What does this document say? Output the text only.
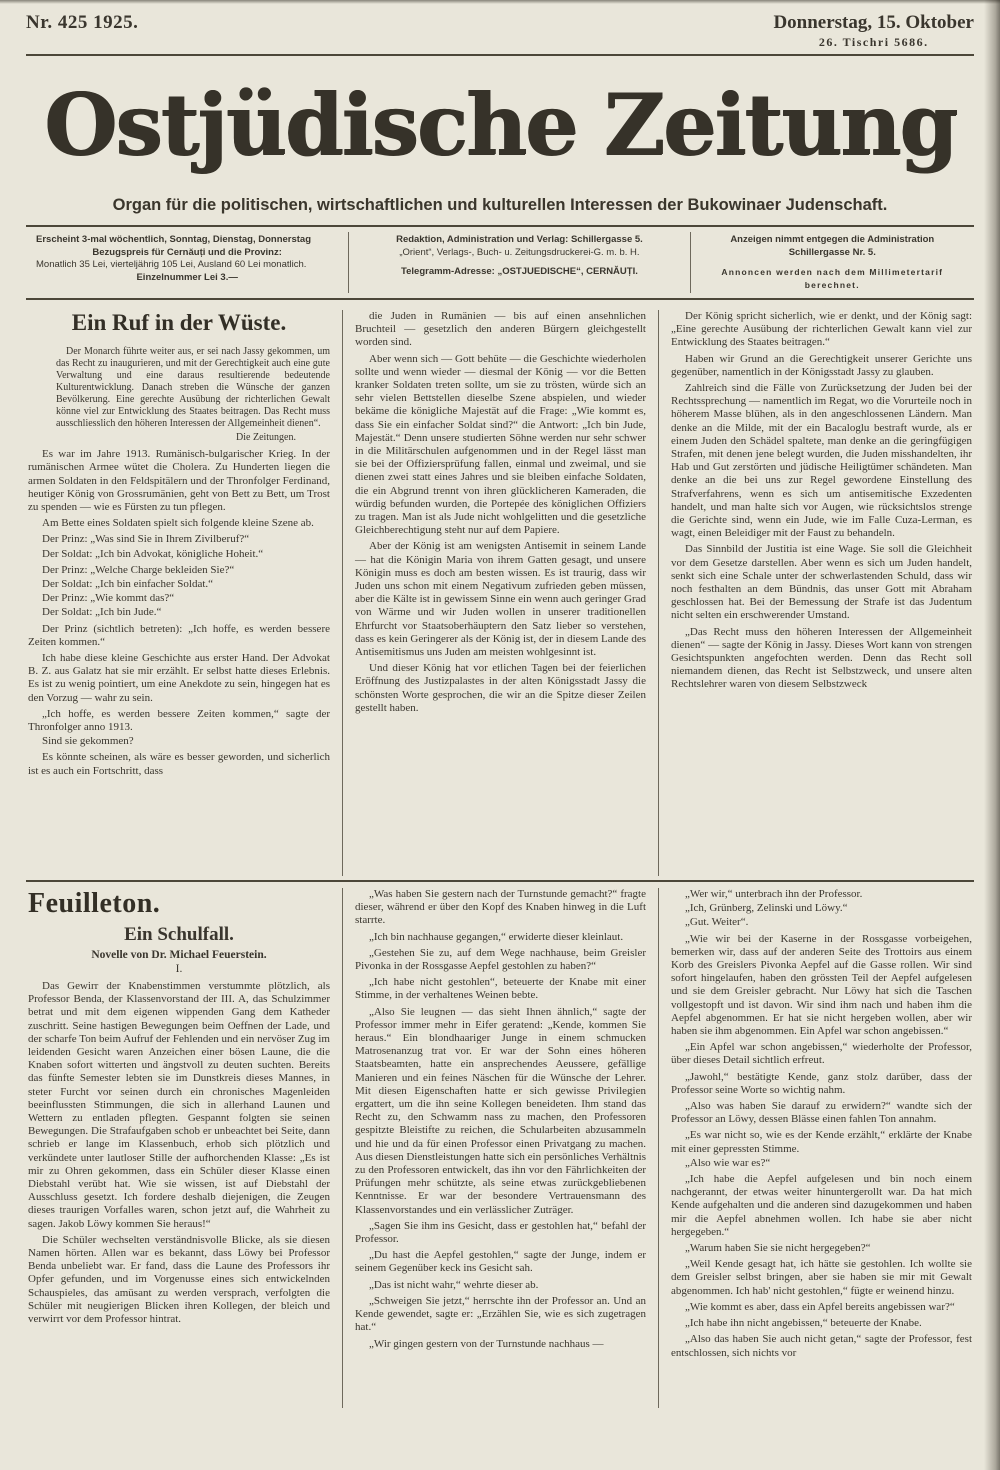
Nr. 425 1925.	Donnerstag, 15. Oktober
26. Tischri 5686.
Ostjüdische Zeitung
Organ für die politischen, wirtschaftlichen und kulturellen Interessen der Bukowinaer Judenschaft.

Erscheint 3-mal wöchentlich, Sonntag, Dienstag, Donnerstag

Bezugspreis für Cernăuți und die Provinz:

Monatlich 35 Lei, vierteljährig 105 Lei, Ausland 60 Lei monatlich.

Einzelnummer Lei 3.—

Redaktion, Administration und Verlag: Schillergasse 5.

„Orient“, Verlags-, Buch- u. Zeitungsdruckerei-G. m. b. H.

Telegramm-Adresse: „OSTJUEDISCHE“, CERNĂUȚI.

Anzeigen nimmt entgegen die Administration

Schillergasse Nr. 5.

Annoncen werden nach dem Millimetertarif berechnet.

Ein Ruf in der Wüste.

Der Monarch führte weiter aus, er sei nach Jassy gekommen, um das Recht zu inaugurieren, und mit der Gerechtigkeit auch eine gute Verwaltung und eine daraus resultierende bedeutende Kulturentwicklung. Danach streben die Wünsche der ganzen Bevölkerung. Eine gerechte Ausübung der richterlichen Gewalt könne viel zur Entwicklung des Staates beitragen. Das Recht muss ausschliesslich den höheren Interessen der Allgemeinheit dienen“.

Die Zeitungen.

Es war im Jahre 1913. Rumänisch-bulgarischer Krieg. In der rumänischen Armee wütet die Cholera. Zu Hunderten liegen die armen Soldaten in den Feldspitälern und der Thronfolger Ferdinand, heutiger König von Grossrumänien, geht von Bett zu Bett, um Trost zu spenden — wie es Fürsten zu tun pflegen.

Am Bette eines Soldaten spielt sich folgende kleine Szene ab.

Der Prinz: „Was sind Sie in Ihrem Zivilberuf?“

Der Soldat: „Ich bin Advokat, königliche Hoheit.“

Der Prinz: „Welche Charge bekleiden Sie?“

Der Soldat: „Ich bin einfacher Soldat.“

Der Prinz: „Wie kommt das?“

Der Soldat: „Ich bin Jude.“

Der Prinz (sichtlich betreten): „Ich hoffe, es werden bessere Zeiten kommen.“

Ich habe diese kleine Geschichte aus erster Hand. Der Advokat B. Z. aus Galatz hat sie mir erzählt. Er selbst hatte dieses Erlebnis. Es ist zu wenig pointiert, um eine Anekdote zu sein, hingegen hat es den Vorzug — wahr zu sein.

„Ich hoffe, es werden bessere Zeiten kommen,“ sagte der Thronfolger anno 1913.

Sind sie gekommen?

Es könnte scheinen, als wäre es besser geworden, und sicherlich ist es auch ein Fortschritt, dass

die Juden in Rumänien — bis auf einen ansehnlichen Bruchteil — gesetzlich den anderen Bürgern gleichgestellt worden sind.

Aber wenn sich — Gott behüte — die Geschichte wiederholen sollte und wenn wieder — diesmal der König — vor die Betten kranker Soldaten treten sollte, um sie zu trösten, würde sich an sehr vielen Bettstellen dieselbe Szene abspielen, und wieder bekäme die königliche Majestät auf die Frage: „Wie kommt es, dass Sie ein einfacher Soldat sind?“ die Antwort: „Ich bin Jude, Majestät.“ Denn unsere studierten Söhne werden nur sehr schwer in die Militärschulen aufgenommen und in der Regel lässt man sie bei der Offiziersprüfung fallen, einmal und zweimal, und sie dienen zwei statt eines Jahres und sie bleiben einfache Soldaten, die ein Abgrund trennt von ihren glücklicheren Kameraden, die würdig befunden wurden, die Portepée des königlichen Offiziers zu tragen. Man ist als Jude nicht wohlgelitten und die gesetzliche Gleichberechtigung steht nur auf dem Papiere.

Aber der König ist am wenigsten Antisemit in seinem Lande — hat die Königin Maria von ihrem Gatten gesagt, und unsere Königin muss es doch am besten wissen. Es ist traurig, dass wir Juden uns schon mit einem Negativum zufrieden geben müssen, aber die Kälte ist in gewissem Sinne ein wenn auch geringer Grad von Wärme und wir Juden wollen in unserer traditionellen Ehrfurcht vor Staatsoberhäuptern den Satz lieber so verstehen, dass es kein Geringerer als der König ist, der in diesem Lande des Antisemitismus uns Juden am meisten wohlgesinnt ist.

Und dieser König hat vor etlichen Tagen bei der feierlichen Eröffnung des Justizpalastes in der alten Königsstadt Jassy die schönsten Worte gesprochen, die wir an die Spitze dieser Zeilen gestellt haben.

Der König spricht sicherlich, wie er denkt, und der König sagt: „Eine gerechte Ausübung der richterlichen Gewalt kann viel zur Entwicklung des Staates beitragen.“

Haben wir Grund an die Gerechtigkeit unserer Gerichte uns gegenüber, namentlich in der Königsstadt Jassy zu glauben.

Zahlreich sind die Fälle von Zurücksetzung der Juden bei der Rechtssprechung — namentlich im Regat, wo die Vorurteile noch in höherem Masse blühen, als in den angeschlossenen Ländern. Man denke an die Milde, mit der ein Bacaloglu bestraft wurde, als er einem Juden den Schädel spaltete, man denke an die geringfügigen Strafen, mit denen jene belegt wurden, die Juden misshandelten, ihr Hab und Gut zerstörten und jüdische Heiligtümer schändeten. Man denke an die bei uns zur Regel gewordene Einstellung des Strafverfahrens, wenn es sich um antisemitische Exzedenten handelt, und man halte sich vor Augen, wie rücksichtslos strenge die Gerichte sind, wenn ein Jude, wie im Falle Cuza-Lerman, es wagt, einen Beleidiger mit der Faust zu behandeln.

Das Sinnbild der Justitia ist eine Wage. Sie soll die Gleichheit vor dem Gesetze darstellen. Aber wenn es sich um Juden handelt, senkt sich eine Schale unter der schwerlastenden Schuld, dass wir noch festhalten an dem Bündnis, das unser Gott mit Abraham geschlossen hat. Bei der Bemessung der Strafe ist das Judentum nicht selten ein erschwerender Umstand.

„Das Recht muss den höheren Interessen der Allgemeinheit dienen“ — sagte der König in Jassy. Dieses Wort kann von strengen Gesichtspunkten angefochten werden. Denn das Recht soll niemandem dienen, das Recht ist Selbstzweck, und unsere alten Rechtslehrer waren von diesem Selbstzweck

Feuilleton.
Ein Schulfall.
Novelle von Dr. Michael Feuerstein.
I.

Das Gewirr der Knabenstimmen verstummte plötzlich, als Professor Benda, der Klassenvorstand der III. A, das Schulzimmer betrat und mit dem eigenen wippenden Gang dem Katheder zuschritt. Seine hastigen Bewegungen beim Oeffnen der Lade, und der scharfe Ton beim Aufruf der Fehlenden und ein nervöser Zug im leidenden Gesicht waren Anzeichen einer bösen Laune, die die Knaben sofort witterten und ängstvoll zu deuten suchten. Bereits das fünfte Semester lebten sie im Dunstkreis dieses Mannes, in steter Furcht vor seinen durch ein chronisches Magenleiden beeinflussten Stimmungen, die sich in allerhand Launen und Wettern zu entladen pflegten. Gespannt folgten sie seinen Bewegungen. Die Strafaufgaben schob er unbeachtet bei Seite, dann schrieb er lange im Klassenbuch, erhob sich plötzlich und verkündete unter lautloser Stille der aufhorchenden Klasse: „Es ist mir zu Ohren gekommen, dass ein Schüler dieser Klasse einen Diebstahl verübt hat. Wie sie wissen, ist auf Diebstahl der Ausschluss gesetzt. Ich fordere deshalb diejenigen, die Zeugen dieses traurigen Vorfalles waren, schon jetzt auf, die Wahrheit zu sagen. Jakob Löwy kommen Sie heraus!“

Die Schüler wechselten verständnisvolle Blicke, als sie diesen Namen hörten. Allen war es bekannt, dass Löwy bei Professor Benda unbeliebt war. Er fand, dass die Laune des Professors ihr Opfer gefunden, und im Vorgenusse eines sich entwickelnden Schauspieles, das amüsant zu werden versprach, verfolgten die Schüler mit neugierigen Blicken ihren Kollegen, der bleich und verwirrt vor dem Professor hintrat.

„Was haben Sie gestern nach der Turnstunde gemacht?“ fragte dieser, während er über den Kopf des Knaben hinweg in die Luft starrte.

„Ich bin nachhause gegangen,“ erwiderte dieser kleinlaut.

„Gestehen Sie zu, auf dem Wege nachhause, beim Greisler Pivonka in der Rossgasse Aepfel gestohlen zu haben?“

„Ich habe nicht gestohlen“, beteuerte der Knabe mit einer Stimme, in der verhaltenes Weinen bebte.

„Also Sie leugnen — das sieht Ihnen ähnlich,“ sagte der Professor immer mehr in Eifer geratend: „Kende, kommen Sie heraus.“ Ein blondhaariger Junge in einem schmucken Matrosenanzug trat vor. Er war der Sohn eines höheren Staatsbeamten, hatte ein ansprechendes Aeussere, gefällige Manieren und ein feines Näschen für die Wünsche der Lehrer. Mit diesen Eigenschaften hatte er sich gewisse Privilegien ergattert, um die ihn seine Kollegen beneideten. Ihm stand das Recht zu, den Schwamm nass zu machen, den Professoren gespitzte Bleistifte zu reichen, die Schularbeiten abzusammeln und hie und da für einen Professor einen Privatgang zu machen. Aus diesen Dienstleistungen hatte sich ein persönliches Verhältnis zu den Professoren entwickelt, das ihn vor den Fährlichkeiten der Prüfungen mehr schützte, als seine etwas zurückgebliebenen Kenntnisse. Er war der besondere Vertrauensmann des Klassenvorstandes und ein verlässlicher Zuträger.

„Sagen Sie ihm ins Gesicht, dass er gestohlen hat,“ befahl der Professor.

„Du hast die Aepfel gestohlen,“ sagte der Junge, indem er seinem Gegenüber keck ins Gesicht sah.

„Das ist nicht wahr,“ wehrte dieser ab.

„Schweigen Sie jetzt,“ herrschte ihn der Professor an. Und an Kende gewendet, sagte er: „Erzählen Sie, wie es sich zugetragen hat.“

„Wir gingen gestern von der Turnstunde nachhaus —

„Wer wir,“ unterbrach ihn der Professor.

„Ich, Grünberg, Zelinski und Löwy.“

„Gut. Weiter“.

„Wie wir bei der Kaserne in der Rossgasse vorbeigehen, bemerken wir, dass auf der anderen Seite des Trottoirs aus einem Korb des Greislers Pivonka Aepfel auf die Gasse rollen. Wir sind sofort hingelaufen, haben den grössten Teil der Aepfel aufgelesen und sie dem Greisler gebracht. Nur Löwy hat sich die Taschen vollgestopft und ist davon. Wir sind ihm nach und haben ihm die Aepfel abgenommen. Er hat sie nicht hergeben wollen, aber wir haben sie ihm abgenommen. Ein Apfel war schon angebissen.“

„Ein Apfel war schon angebissen,“ wiederholte der Professor, über dieses Detail sichtlich erfreut.

„Jawohl,“ bestätigte Kende, ganz stolz darüber, dass der Professor seine Worte so wichtig nahm.

„Also was haben Sie darauf zu erwidern?“ wandte sich der Professor an Löwy, dessen Blässe einen fahlen Ton annahm.

„Es war nicht so, wie es der Kende erzählt,“ erklärte der Knabe mit einer gepressten Stimme.

„Also wie war es?“

„Ich habe die Aepfel aufgelesen und bin noch einem nachgerannt, der etwas weiter hinuntergerollt war. Da hat mich Kende aufgehalten und die anderen sind dazugekommen und haben mir die Aepfel abnehmen wollen. Ich habe sie aber nicht hergegeben.“

„Warum haben Sie sie nicht hergegeben?“

„Weil Kende gesagt hat, ich hätte sie gestohlen. Ich wollte sie dem Greisler selbst bringen, aber sie haben sie mir mit Gewalt abgenommen. Ich hab' nicht gestohlen,“ fügte er weinend hinzu.

„Wie kommt es aber, dass ein Apfel bereits angebissen war?“

„Ich habe ihn nicht angebissen,“ beteuerte der Knabe.

„Also das haben Sie auch nicht getan,“ sagte der Professor, fest entschlossen, sich nichts vor
